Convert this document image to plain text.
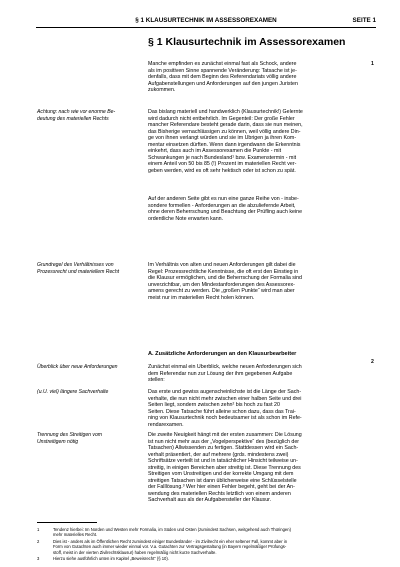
§ 1 KLAUSURTECHNIK IM ASSESSOREXAMEN	SEITE 1
§ 1 Klausurtechnik im Assessorexamen
1
2
Manche empfinden es zunächst einmal fast als Schock, andere
als im positiven Sinne spannende Veränderung: Tatsache ist je-
denfalls, dass mit dem Beginn des Referendariats völlig andere
Aufgabenstellungen und Anforderungen auf den jungen Juristen
zukommen.
Das bislang materiell und handwerklich (Klausurtechnik!) Gelernte
wird dadurch nicht entbehrlich. Im Gegenteil: Der große Fehler
mancher Referendare besteht gerade darin, dass sie nun meinen,
das Bisherige vernachlässigen zu können, weil völlig andere Din-
ge von ihnen verlangt würden und sie im Übrigen ja ihren Kom-
mentar einsetzen dürften. Wenn dann irgendwann die Erkenntnis
einkehrt, dass auch im Assessorexamen die Punkte - mit
Schwankungen je nach Bundesland¹ bzw. Examenstermin - mit
einem Anteil von 50 bis 85 (!) Prozent im materiellen Recht ver-
geben werden, wird es oft sehr hektisch oder ist schon zu spät.
Auf der anderen Seite gibt es nun eine ganze Reihe von - insbe-
sondere formellen - Anforderungen an die abzuliefernde Arbeit,
ohne deren Beherrschung und Beachtung der Prüfling auch keine
ordentliche Note erwarten kann.
Im Verhältnis von alten und neuen Anforderungen gilt dabei die
Regel: Prozessrechtliche Kenntnisse, die oft erst den Einstieg in
die Klausur ermöglichen, und die Beherrschung der Formalia sind
unverzichtbar, um den Mindestanforderungen des Assessorex-
amens gerecht zu werden. Die „großen Punkte“ wird man aber
meist nur im materiellen Recht holen können.
A. Zusätzliche Anforderungen an den Klausurbearbeiter
Zunächst einmal ein Überblick, welche neuen Anforderungen sich
dem Referendar nun zur Lösung der ihm gegebenen Aufgabe
stellen:
Das erste und gewiss augenscheinlichste ist die Länge der Sach-
verhalte, die nun nicht mehr zwischen einer halben Seite und drei
Seiten liegt, sondern zwischen zehn² bis hoch zu fast 20
Seiten. Diese Tatsache führt alleine schon dazu, dass das Trai-
ning von Klausurtechnik noch bedeutsamer ist als schon im Refe-
rendarexamen.
Die zweite Neuigkeit hängt mit der ersten zusammen: Die Lösung
ist nun nicht mehr aus der „Vogelperspektive“ des (bezüglich der
Tatsachen) Allwissenden zu fertigen. Stattdessen wird ein Sach-
verhalt präsentiert, der auf mehrere (grds. mindestens zwei)
Schriftsätze verteilt ist und in tatsächlicher Hinsicht teilweise un-
streitig, in einigen Bereichen aber streitig ist. Diese Trennung des
Streitigen vom Unstreitigen und der korrekte Umgang mit dem
streitigen Tatsachen ist dann üblicherweise eine Schlüsselstelle
der Falllösung.³ Wer hier einen Fehler begeht, geht bei der An-
wendung des materiellen Rechts letztlich von einem anderen
Sachverhalt aus als der Aufgabensteller der Klausur.
Achtung: nach wie vor enorme Be-
deutung des materiellen Rechts
Grundregel des Verhältnisses von
Prozessrecht und materiellem Recht
Überblick über neue Anforderungen
(u.U. viel) längere Sachverhalte
Trennung des Streitigen vom
Unstreitigem nötig
1	Tendenz hierbei: Im Norden und Westen mehr Formalia, im Süden und Osten (zumindest Sachsen, weitgehend auch Thüringen)
mehr materielles Recht.
2	Dies ist - anders als im Öffentlichen Recht zumindest einiger Bundesländer - im Zivilrecht ein eher seltener Fall, kommt aber in
Form von Gutachten auch immer wieder einmal vor. V.a. Gutachten zur Vertragsgestaltung (in Bayern regelmäßiger Prüfungs-
stoff, meist in der vierten Zivilrechtsklausur) haben regelmäßig nicht kurze Sachverhalte.
3	Hierzu siehe ausführlich unten im Kapitel „Beweisrecht“ (§ 10).
